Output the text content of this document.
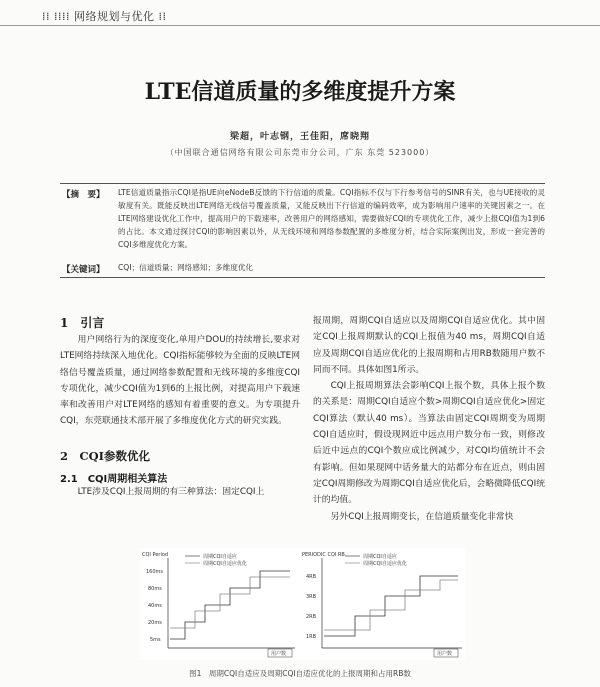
⁞⁞ ⁞⁞⁞⁞ 网络规划与优化 ⁞⁞
LTE信道质量的多维度提升方案
梁超，叶志钢，王佳阳，席晓翔
（中国联合通信网络有限公司东莞市分公司，广东 东莞 523000）
【摘　要】 LTE信道质量指示CQI是指UE向eNodeB反馈的下行信道的质量。CQI指标不仅与下行参考信号的SINR有关，也与UE接收的灵敏度有关。既能反映出LTE网络无线信号覆盖质量，又能反映出下行信道的编码效率，成为影响用户速率的关键因素之一。在LTE网络建设优化工作中，提高用户的下载速率，改善用户的网络感知，需要做好CQI的专项优化工作，减少上报CQI值为1到6的占比。本文通过探讨CQI的影响因素以外，从无线环境和网络参数配置的多维度分析，结合实际案例出发，形成一套完善的CQI多维度优化方案。
【关键词】 CQI；信道质量；网络感知；多维度优化
1　引言

用户网络行为的深度变化,单用户DOU的持续增长,要求对LTE网络持续深入地优化。CQI指标能够较为全面的反映LTE网络信号覆盖质量，通过网络参数配置和无线环境的多维度CQI专项优化，减少CQI值为1到6的上报比例，对提高用户下载速率和改善用户对LTE网络的感知有着重要的意义。为专项提升CQI，东莞联通技术部开展了多维度优化方式的研究实践。

2　CQI参数优化
2.1　CQI周期相关算法

LTE涉及CQI上报周期的有三种算法：固定CQI上

报周期，周期CQI自适应以及周期CQI自适应优化。其中固定CQI上报周期默认的CQI上报值为40 ms，周期CQI自适应及周期CQI自适应优化的上报周期和占用RB数随用户数不同而不同。具体如图1所示。

CQI上报周期算法会影响CQI上报个数，具体上报个数的关系是：周期CQI自适应个数>周期CQI自适应优化>固定CQI算法（默认40 ms）。当算法由固定CQI周期变为周期CQI自适应时，假设现网近中远点用户数分布一致，则修改后近中远点的CQI个数应成比例减少，对CQI均值统计不会有影响。但如果现网中话务量大的站都分布在近点，则由固定CQI周期修改为周期CQI自适应优化后，会略微降低CQI统计的均值。

另外CQI上报周期变长，在信道质量变化非常快

CQI Period	周期CQI自适应
周期CQI自适应优化
160ms
80ms
40ms
20ms
5ms
用户数
PERIODIC CQI RB	周期CQI自适应
周期CQI自适应优化
4RB
3RB
2RB
1RB
用户数
图1　周期CQI自适应及周期CQI自适应优化的上报周期和占用RB数
